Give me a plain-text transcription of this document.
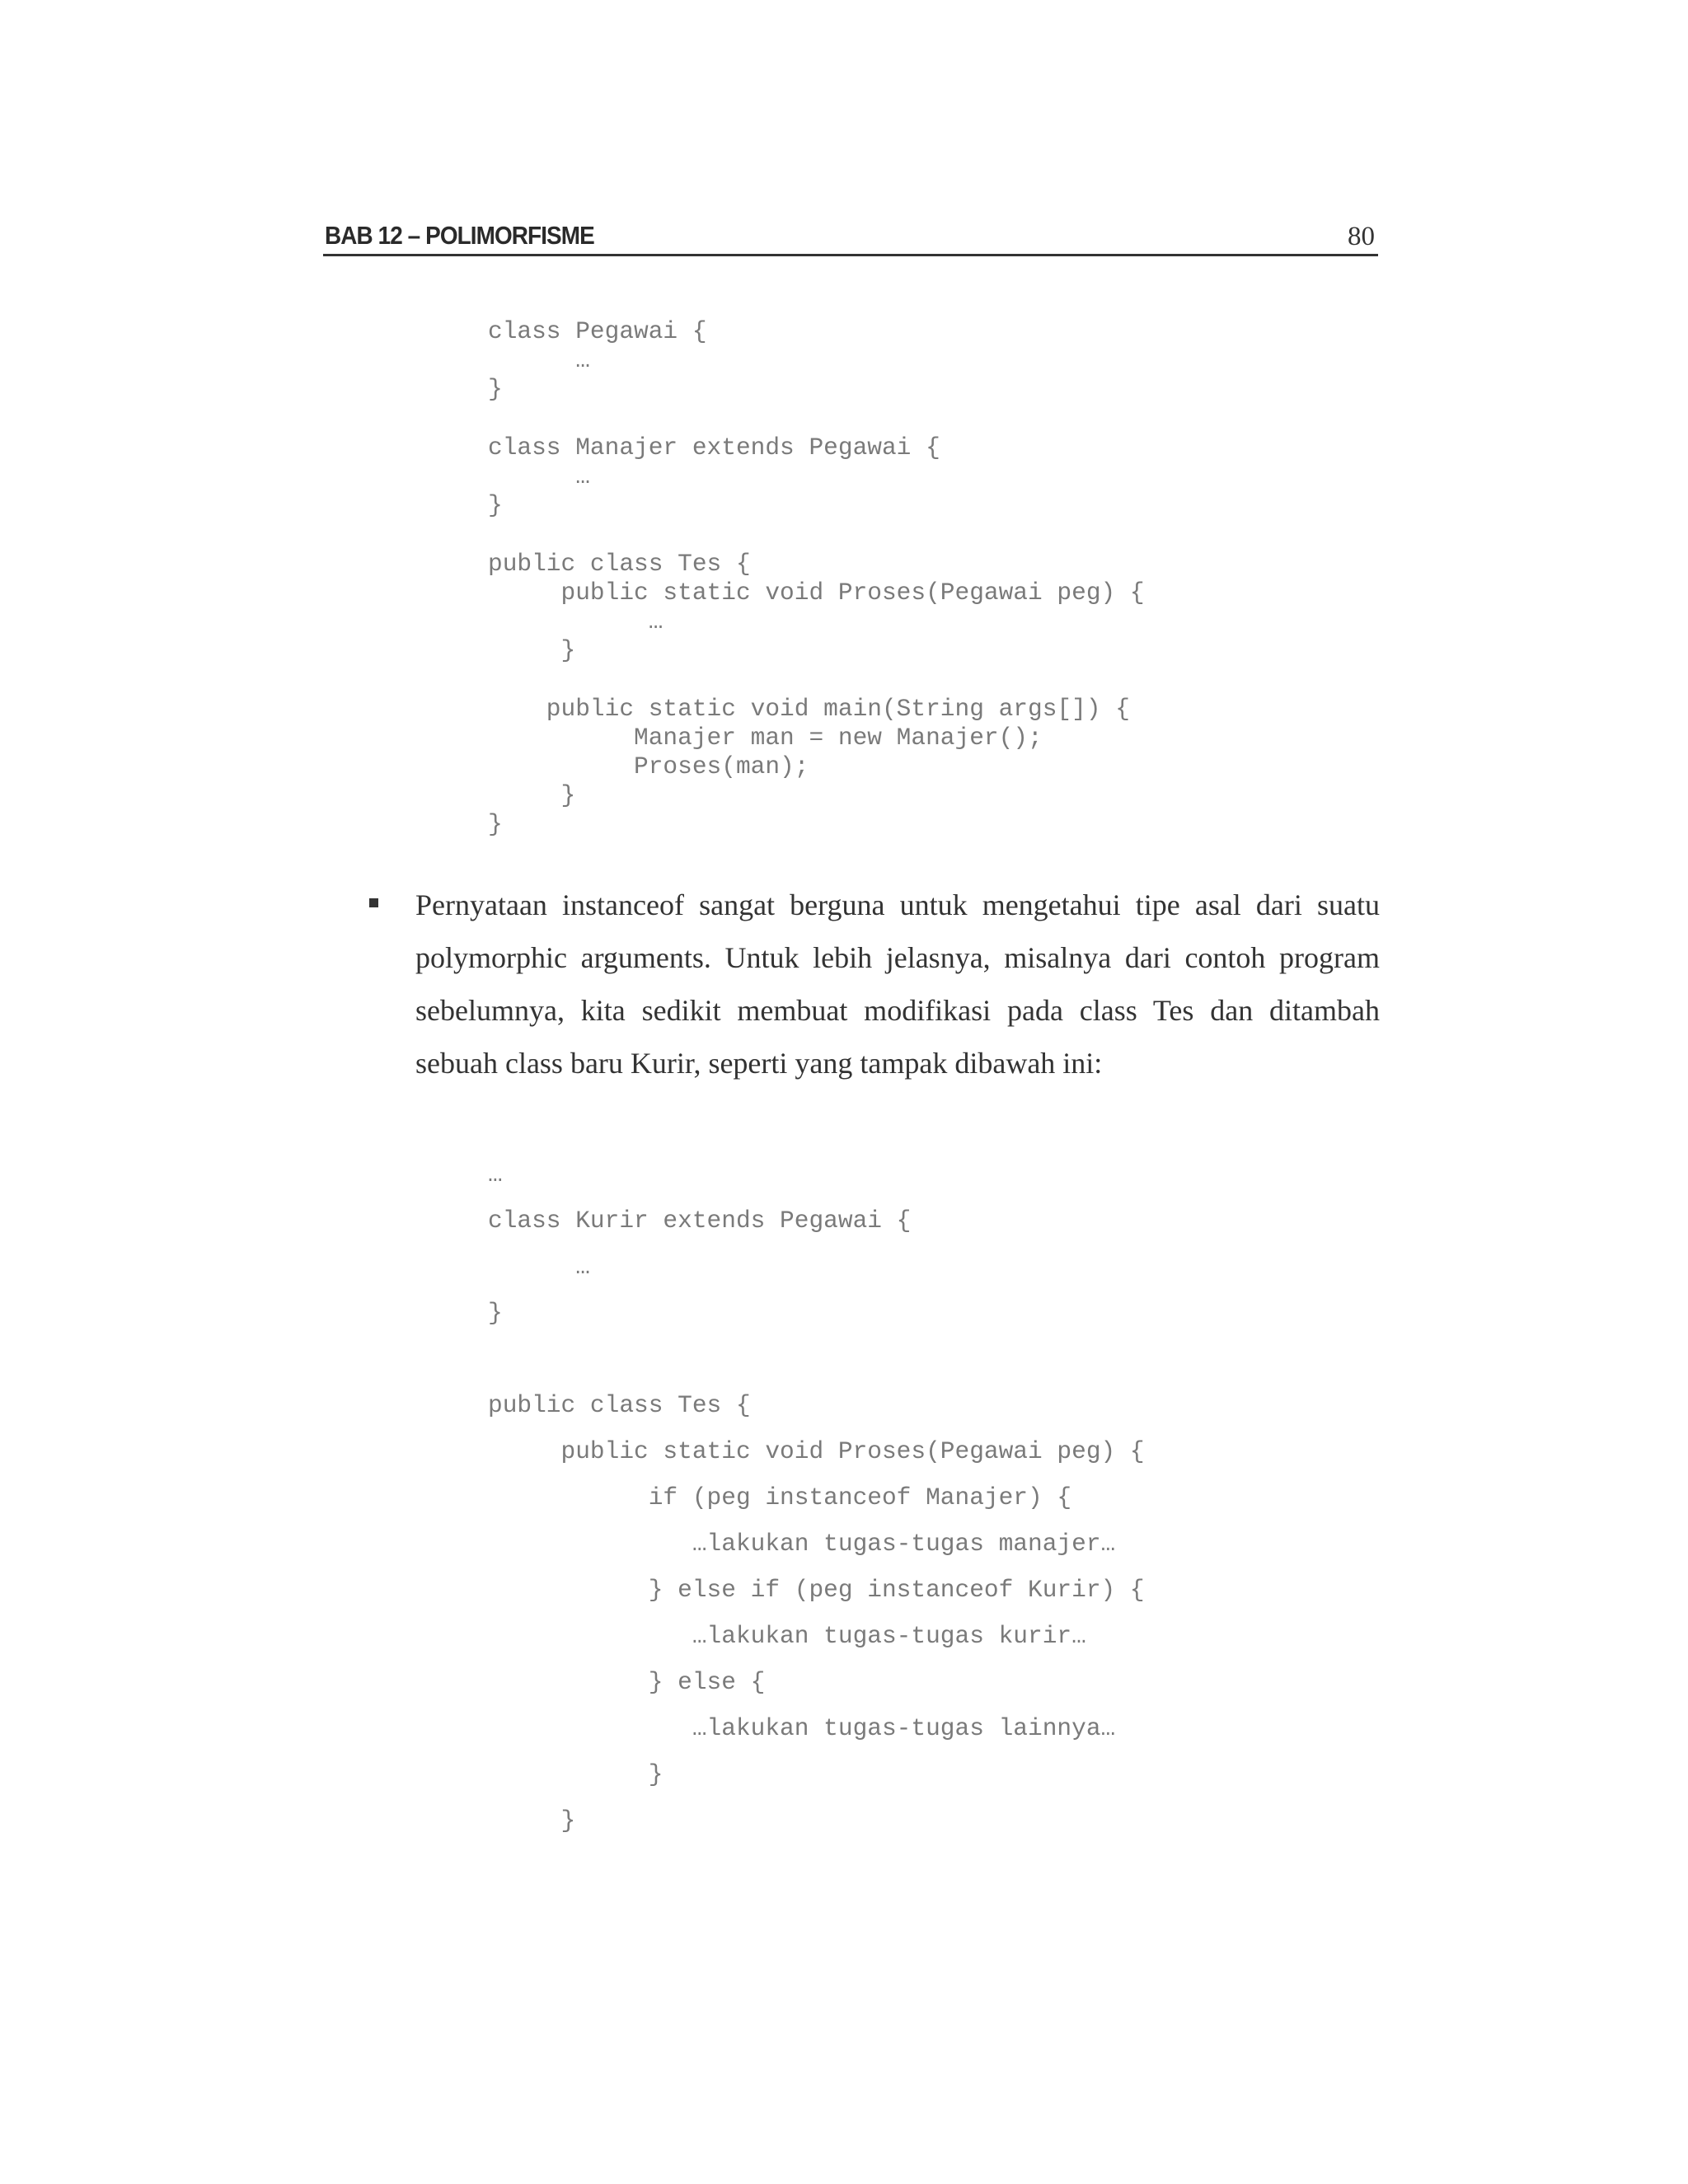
BAB 12 – POLIMORFISME	80
class Pegawai {
…
}

class Manajer extends Pegawai {
…
}

public class Tes {
public static void Proses(Pegawai peg) {
…
}

public static void main(String args[]) {
Manajer man = new Manajer();
Proses(man);
}
}

Pernyataan instanceof sangat berguna untuk mengetahui tipe asal dari suatu polymorphic arguments. Untuk lebih jelasnya, misalnya dari contoh program sebelumnya, kita sedikit membuat modifikasi pada class Tes dan ditambah sebuah class baru Kurir, seperti yang tampak dibawah ini:

…
class Kurir extends Pegawai {
…
}

public class Tes {
public static void Proses(Pegawai peg) {
if (peg instanceof Manajer) {
…lakukan tugas-tugas manajer…
} else if (peg instanceof Kurir) {
…lakukan tugas-tugas kurir…
} else {
…lakukan tugas-tugas lainnya…
}
}
